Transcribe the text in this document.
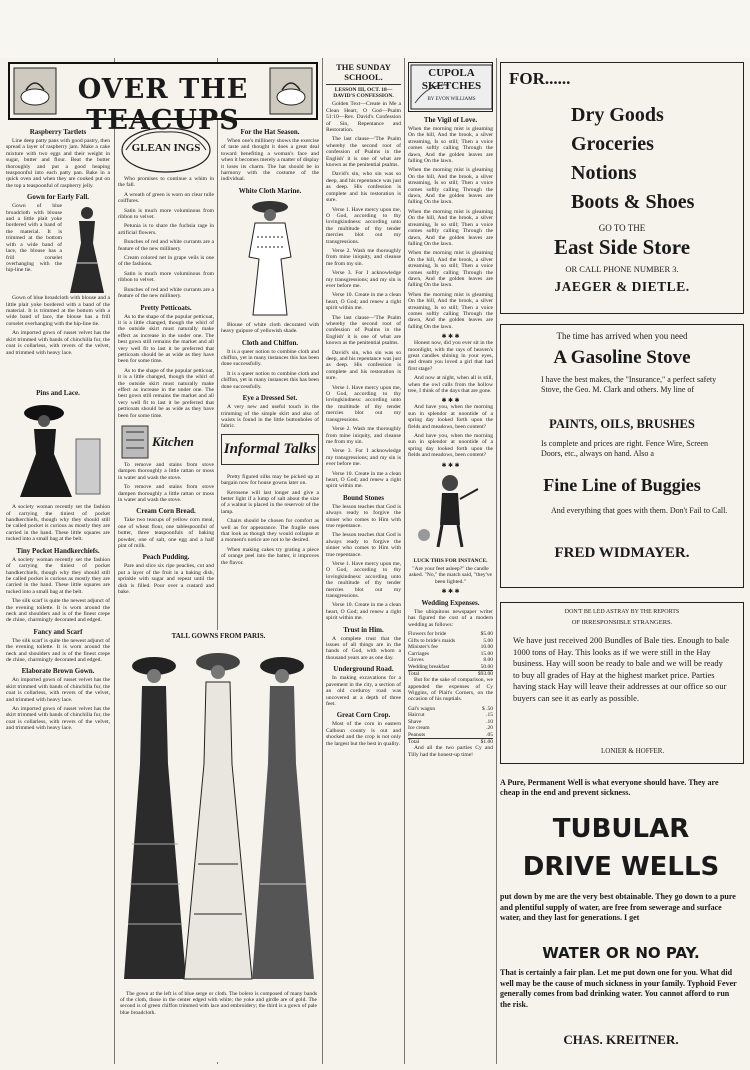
OVER THE TEACUPS
Raspberry Tartlets

Line deep patty pans with good pastry, then spread a layer of raspberry jam. Make a cake mixture with two eggs and their weight in sugar, butter and flour. Beat the butter thoroughly and put a good heaping teaspoonful into each patty pan. Bake in a quick oven and when they are cooked put on the top a teaspoonful of raspberry jelly.

Gown for Early Fall.

Gown of blue broadcloth with blouse and a little plait yoke bordered with a band of the material. It is trimmed at the bottom with a wide band of lace, the blouse has a frill corselet overhanging with the hip-line tie.

Gown of blue broadcloth with blouse and a little plait yoke bordered with a band of the material. It is trimmed at the bottom with a wide band of lace, the blouse has a frill corselet overhanging with the hip-line tie.

An imported gown of russet velvet has the skirt trimmed with bands of chinchilla fur, the coat is collarless, with revers of the velvet, and trimmed with heavy lace.

Pins and Lace.

A society woman recently set the fashion of carrying the tiniest of pocket handkerchiefs, though why they should still be called pocket is curious as mostly they are carried in the hand. These little squares are tucked into a small bag at the belt.

Tiny Pocket Handkerchiefs.

A society woman recently set the fashion of carrying the tiniest of pocket handkerchiefs, though why they should still be called pocket is curious as mostly they are carried in the hand. These little squares are tucked into a small bag at the belt.

The silk scarf is quite the newest adjunct of the evening toilette. It is worn around the neck and shoulders and is of the finest crepe de chine, charmingly decorated and edged.

Fancy and Scarf

The silk scarf is quite the newest adjunct of the evening toilette. It is worn around the neck and shoulders and is of the finest crepe de chine, charmingly decorated and edged.

Elaborate Brown Gown.

An imported gown of russet velvet has the skirt trimmed with bands of chinchilla fur, the coat is collarless, with revers of the velvet, and trimmed with heavy lace.

An imported gown of russet velvet has the skirt trimmed with bands of chinchilla fur, the coat is collarless, with revers of the velvet, and trimmed with heavy lace.

GLEAN INGS

Who promises to continue a whim in the fall.

A wreath of green is worn on clear tulle coiffures.

Satin is much more voluminous from ribbon to velvet.

Petunia is to share the fuchsia rage in artificial flowers.

Bunches of red and white currants are a feature of the new millinery.

Cream colored net in grape veils is one of the fashions.

Satin is much more voluminous from ribbon to velvet.

Bunches of red and white currants are a feature of the new millinery.

Pretty Petticoats.

As to the shape of the popular petticoat, it is a little changed, though the whirl of the outside skirt must naturally make effect as increase in the under one. The best gown still remains the market and all very well fit to last it be preferred that petticoats should be as wide as they have been for some time.

As to the shape of the popular petticoat, it is a little changed, though the whirl of the outside skirt must naturally make effect as increase in the under one. The best gown still remains the market and all very well fit to last it be preferred that petticoats should be as wide as they have been for some time.

Kitchen

To remove and stains from stove dampen thoroughly a little rattan or moss in water and wash the stove.

To remove and stains from stove dampen thoroughly a little rattan or moss in water and wash the stove.

Cream Corn Bread.

Take two teacups of yellow corn meal, one of wheat flour, one tablespoonful of butter, three teaspoonfuls of baking powder, one of salt, one egg and a half pint of milk.

Peach Pudding.

Pare and slice six ripe peaches, cut and put a layer of the fruit in a baking dish, sprinkle with sugar and repeat until the dish is filled. Pour over a custard and bake.

For the Hat Season.

When one's millinery shows the exercise of taste and thought it does a great deal toward benefiting a woman's face and when it becomes merely a matter of display it loses its charm. The hat should be in harmony with the costume of the individual.

White Cloth Marine.

Blouse of white cloth decorated with heavy guipure of yellowish shade.

Cloth and Chiffon.

It is a queer notion to combine cloth and chiffon, yet in many instances this has been done successfully.

It is a queer notion to combine cloth and chiffon, yet in many instances this has been done successfully.

Eye a Dressed Set.

A very new and useful touch in the trimming of the simple skirt and also of waists is found in the little buttonholes of fabric.

Informal Talks

Pretty figured silks may be picked up at bargain now for house gowns later on.

Kerosene will last longer and give a better light if a lump of salt about the size of a walnut is placed in the reservoir of the lamp.

Chairs should be chosen for comfort as well as for appearance. The fragile ones that look as though they would collapse at a moment's notice are not to be desired.

When making cakes try grating a piece of orange peel into the batter, it improves the flavor.

TALL GOWNS FROM PARIS.

The gown at the left is of blue serge or cloth. The bolero is composed of many bands of the cloth, those in the center edged with white; the yoke and girdle are of gold. The second is of green chiffon trimmed with lace and embroidery; the third is a gown of pale blue broadcloth.

THE SUNDAY SCHOOL.
LESSON III, OCT. 18—DAVID'S CONFESSION.

Golden Text—Create in Me a Clean Heart, O God—Psalm 51:10—Rev. David's Confession of Sin, Repentance and Restoration.

The last clause—'The Psalm whereby the second root of confession of Psalms in the English' it is one of what are known as the penitential psalms.

David's sin, who sin was so deep, and his repentance was just as deep. His confession is complete and his restoration is sure.

Verse 1. Have mercy upon me, O God, according to thy lovingkindness: according unto the multitude of thy tender mercies blot out my transgressions.

Verse 2. Wash me thoroughly from mine iniquity, and cleanse me from my sin.

Verse 3. For I acknowledge my transgressions; and my sin is ever before me.

Verse 10. Create in me a clean heart, O God; and renew a right spirit within me.

The last clause—'The Psalm whereby the second root of confession of Psalms in the English' it is one of what are known as the penitential psalms.

David's sin, who sin was so deep, and his repentance was just as deep. His confession is complete and his restoration is sure.

Verse 1. Have mercy upon me, O God, according to thy lovingkindness: according unto the multitude of thy tender mercies blot out my transgressions.

Verse 2. Wash me thoroughly from mine iniquity, and cleanse me from my sin.

Verse 3. For I acknowledge my transgressions; and my sin is ever before me.

Verse 10. Create in me a clean heart, O God; and renew a right spirit within me.

Bound Stones

The lesson teaches that God is always ready to forgive the sinner who comes to Him with true repentance.

The lesson teaches that God is always ready to forgive the sinner who comes to Him with true repentance.

Verse 1. Have mercy upon me, O God, according to thy lovingkindness: according unto the multitude of thy tender mercies blot out my transgressions.

Verse 10. Create in me a clean heart, O God; and renew a right spirit within me.

Trust in Him.

A complete trust that the issues of all things are in the hands of God, with whom a thousand years are as one day.

Underground Road.

In making excavations for a pavement in the city, a section of an old corduroy road was uncovered at a depth of three feet.

Great Corn Crop.

Most of the corn in eastern Calhoun county is out and shocked and the crop is not only the largest but the best in quality.

CUPOLA SKETCHES
BY EVON WILLIAMS
The Vigil of Love.

When the morning mist is gleaming On the hill, And the brook, a silver streaming, Is so still; Then a voice comes softly calling Through the dawn, And the golden leaves are falling On the lawn.

When the morning mist is gleaming On the hill, And the brook, a silver streaming, Is so still; Then a voice comes softly calling Through the dawn, And the golden leaves are falling On the lawn.

When the morning mist is gleaming On the hill, And the brook, a silver streaming, Is so still; Then a voice comes softly calling Through the dawn, And the golden leaves are falling On the lawn.

When the morning mist is gleaming On the hill, And the brook, a silver streaming, Is so still; Then a voice comes softly calling Through the dawn, And the golden leaves are falling On the lawn.

When the morning mist is gleaming On the hill, And the brook, a silver streaming, Is so still; Then a voice comes softly calling Through the dawn, And the golden leaves are falling On the lawn.

✱ ✱ ✱

Honest now, did you ever sit in the moonlight, with the rays of heaven's great candles shining in your eyes, and dream you loved a girl that had first stage?

And now at night, when all is still, when the owl calls from the hollow tree, I think of the days that are gone.

✱ ✱ ✱

And have you, when the morning sun in splendor at noontide of a spring day looked forth upon the fields and meadows, been content?

And have you, when the morning sun in splendor at noontide of a spring day looked forth upon the fields and meadows, been content?

✱ ✱ ✱
LUCK THIS FOR INSTANCE.

"Are your feet asleep?" the candle asked. "No," the match said, "they've been lighted."

✱ ✱ ✱
Wedding Expenses.

The ubiquitous newspaper writer has figured the cost of a modern wedding as follows:

Flowers for bride	$5.00
Gifts to bride's maids	5.00
Minister's fee	10.00
Carriages	15.00
Gloves	8.00
Wedding breakfast	50.00
Total	$93.00

But for the sake of comparison, we appended the expenses of Cy Wiggins, of Plait's Corners, on the occasion of his nuptials.

Gal's wagon	$ .50
Haircut	.15
Shave	.10
Ice cream	.20
Peanuts	.05
Total	$1.00

And all the two parties Cy and Tilly had the honest-up time!

FOR......
Dry Goods
Groceries
Notions
Boots & Shoes
GO TO THE
East Side Store
OR CALL PHONE NUMBER 3.
JAEGER & DIETLE.
The time has arrived when you need
A Gasoline Stove
I have the best makes, the "Insurance," a perfect safety Stove, the Geo. M. Clark and others. My line of
PAINTS, OILS, BRUSHES
Is complete and prices are right. Fence Wire, Screen Doors, etc., always on hand. Also a
Fine Line of Buggies
And everything that goes with them. Don't Fail to Call.
FRED WIDMAYER.
DON'T BE LED ASTRAY BY THE REPORTS
OF IRRESPONSIBLE STRANGERS.
We have just received 200 Bundles of Bale ties. Enough to bale 1000 tons of Hay. This looks as if we were still in the Hay business. Hay will soon be ready to bale and we will be ready to buy all grades of Hay at the highest market price. Parties having stack Hay will leave their addresses at our office so our buyers can see it as early as possible.
LONIER & HOFFER.
A Pure, Permanent Well is what everyone should have. They are cheap in the end and prevent sickness.
TUBULAR
DRIVE WELLS
put down by me are the very best obtainable. They go down to a pure and plentiful supply of water, are free from sewerage and surface water, and they last for generations. I get
WATER OR NO PAY.
That is certainly a fair plan. Let me put down one for you. What did well may be the cause of much sickness in your family. Typhoid Fever generally comes from bad drinking water. You cannot afford to run the risk.
CHAS. KREITNER.
